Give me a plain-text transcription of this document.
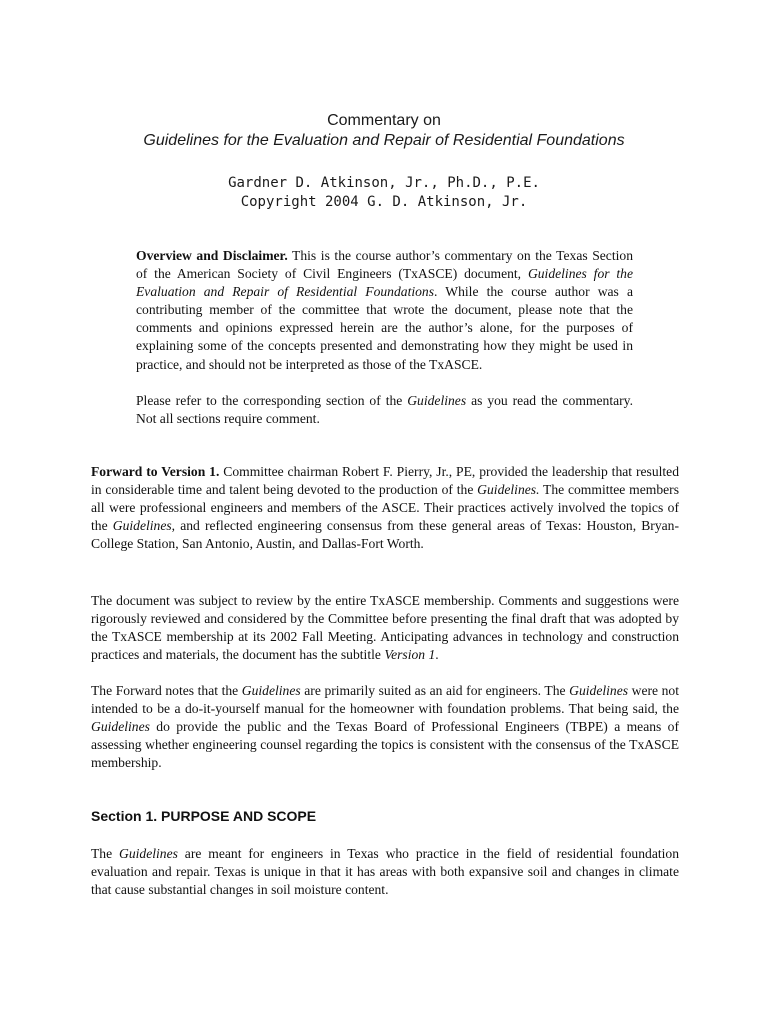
Commentary on
Guidelines for the Evaluation and Repair of Residential Foundations
Gardner D. Atkinson, Jr., Ph.D., P.E.
Copyright 2004 G. D. Atkinson, Jr.

Overview and Disclaimer. This is the course author’s commentary on the Texas Section of the American Society of Civil Engineers (TxASCE) document, Guidelines for the Evaluation and Repair of Residential Foundations. While the course author was a contributing member of the committee that wrote the document, please note that the comments and opinions expressed herein are the author’s alone, for the purposes of explaining some of the concepts presented and demonstrating how they might be used in practice, and should not be interpreted as those of the TxASCE.

Please refer to the corresponding section of the Guidelines as you read the commentary. Not all sections require comment.

Forward to Version 1. Committee chairman Robert F. Pierry, Jr., PE, provided the leadership that resulted in considerable time and talent being devoted to the production of the Guidelines. The committee members all were professional engineers and members of the ASCE. Their practices actively involved the topics of the Guidelines, and reflected engineering consensus from these general areas of Texas: Houston, Bryan-College Station, San Antonio, Austin, and Dallas-Fort Worth.

The document was subject to review by the entire TxASCE membership. Comments and suggestions were rigorously reviewed and considered by the Committee before presenting the final draft that was adopted by the TxASCE membership at its 2002 Fall Meeting. Anticipating advances in technology and construction practices and materials, the document has the subtitle Version 1.

The Forward notes that the Guidelines are primarily suited as an aid for engineers. The Guidelines were not intended to be a do-it-yourself manual for the homeowner with foundation problems. That being said, the Guidelines do provide the public and the Texas Board of Professional Engineers (TBPE) a means of assessing whether engineering counsel regarding the topics is consistent with the consensus of the TxASCE membership.

Section 1. PURPOSE AND SCOPE

The Guidelines are meant for engineers in Texas who practice in the field of residential foundation evaluation and repair. Texas is unique in that it has areas with both expansive soil and changes in climate that cause substantial changes in soil moisture content.
